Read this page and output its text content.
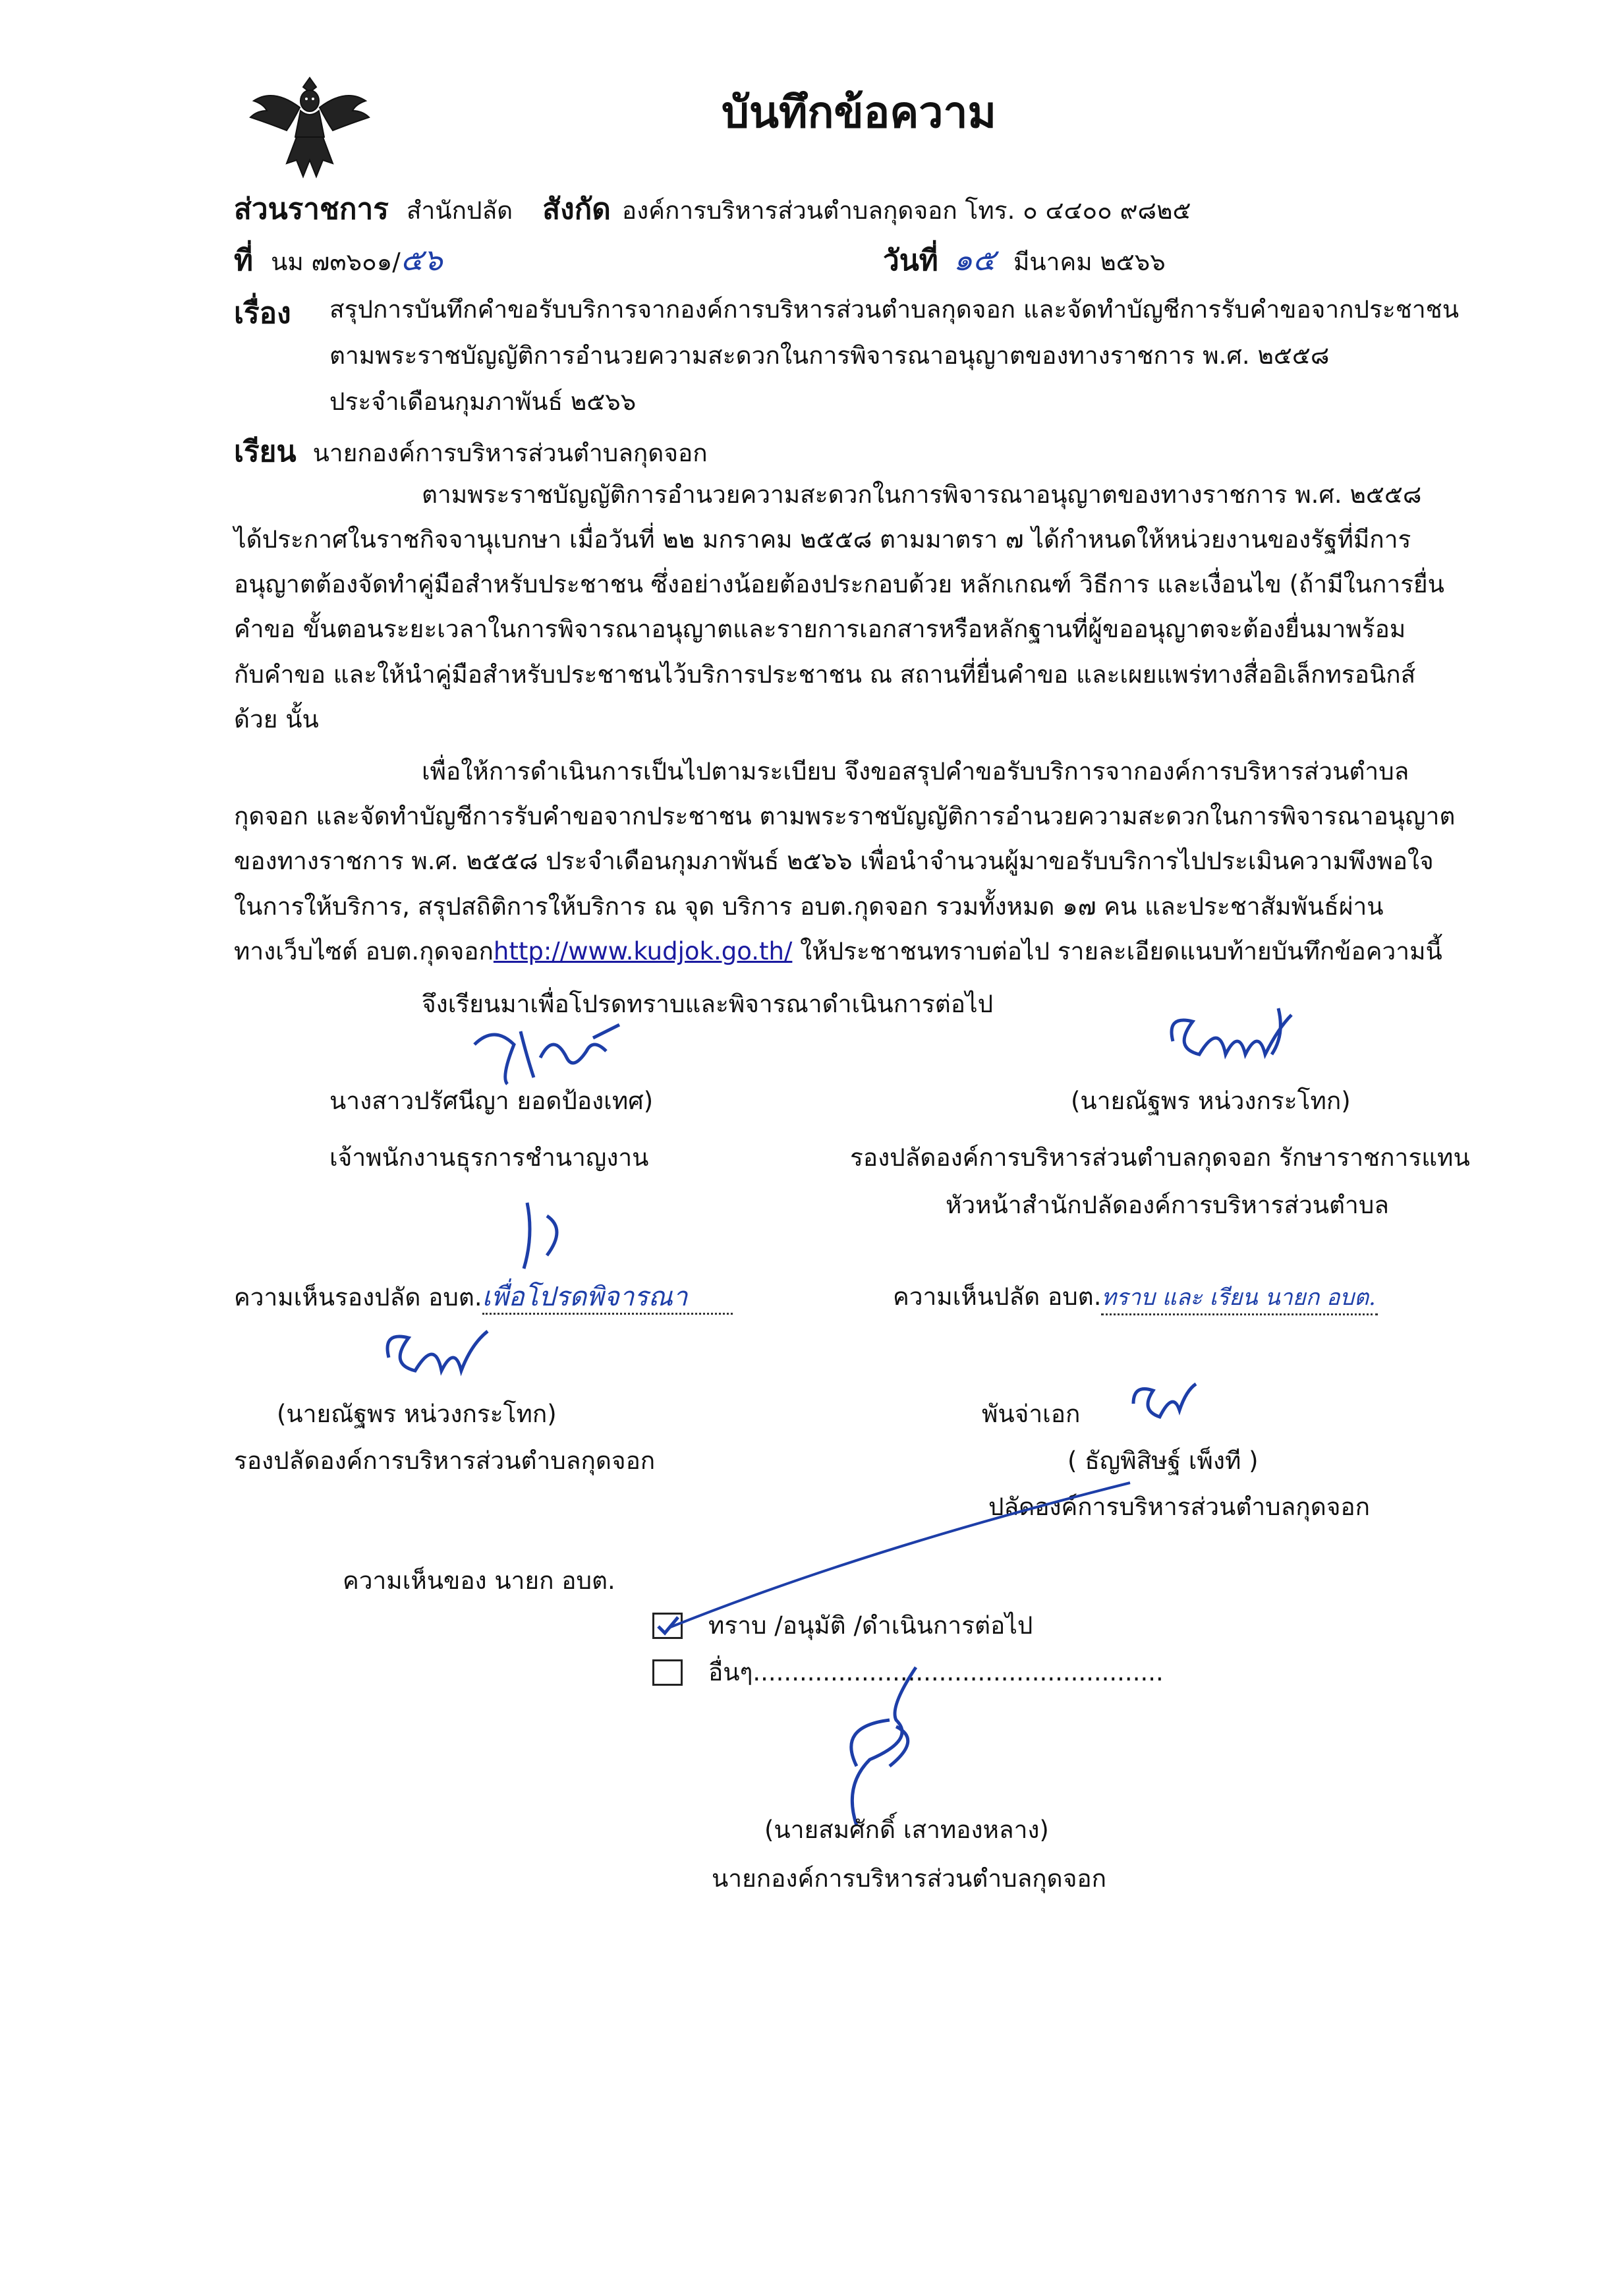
บันทึกข้อความ
ส่วนราชการ สำนักปลัด สังกัด องค์การบริหารส่วนตำบลกุดจอก โทร. ๐ ๔๔๐๐ ๙๘๒๕
ที่ นม ๗๓๖๐๑/๕๖	วันที่ ๑๕ มีนาคม ๒๕๖๖
เรื่อง สรุปการบันทึกคำขอรับบริการจากองค์การบริหารส่วนตำบลกุดจอก และจัดทำบัญชีการรับคำขอจากประชาชน
ตามพระราชบัญญัติการอำนวยความสะดวกในการพิจารณาอนุญาตของทางราชการ พ.ศ. ๒๕๕๘
ประจำเดือนกุมภาพันธ์ ๒๕๖๖
เรียน นายกองค์การบริหารส่วนตำบลกุดจอก
ตามพระราชบัญญัติการอำนวยความสะดวกในการพิจารณาอนุญาตของทางราชการ พ.ศ. ๒๕๕๘
ได้ประกาศในราชกิจจานุเบกษา เมื่อวันที่ ๒๒ มกราคม ๒๕๕๘ ตามมาตรา ๗ ได้กำหนดให้หน่วยงานของรัฐที่มีการ
อนุญาตต้องจัดทำคู่มือสำหรับประชาชน ซึ่งอย่างน้อยต้องประกอบด้วย หลักเกณฑ์ วิธีการ และเงื่อนไข (ถ้ามีในการยื่น
คำขอ ขั้นตอนระยะเวลาในการพิจารณาอนุญาตและรายการเอกสารหรือหลักฐานที่ผู้ขออนุญาตจะต้องยื่นมาพร้อม
กับคำขอ และให้นำคู่มือสำหรับประชาชนไว้บริการประชาชน ณ สถานที่ยื่นคำขอ และเผยแพร่ทางสื่ออิเล็กทรอนิกส์
ด้วย นั้น
เพื่อให้การดำเนินการเป็นไปตามระเบียบ จึงขอสรุปคำขอรับบริการจากองค์การบริหารส่วนตำบล
กุดจอก และจัดทำบัญชีการรับคำขอจากประชาชน ตามพระราชบัญญัติการอำนวยความสะดวกในการพิจารณาอนุญาต
ของทางราชการ พ.ศ. ๒๕๕๘ ประจำเดือนกุมภาพันธ์ ๒๕๖๖ เพื่อนำจำนวนผู้มาขอรับบริการไปประเมินความพึงพอใจ
ในการให้บริการ, สรุปสถิติการให้บริการ ณ จุด บริการ อบต.กุดจอก รวมทั้งหมด ๑๗ คน และประชาสัมพันธ์ผ่าน
ทางเว็บไซต์ อบต.กุดจอกhttp://www.kudjok.go.th/ ให้ประชาชนทราบต่อไป รายละเอียดแนบท้ายบันทึกข้อความนี้
จึงเรียนมาเพื่อโปรดทราบและพิจารณาดำเนินการต่อไป
นางสาวปรัศนีญา ยอดป้องเทศ)
เจ้าพนักงานธุรการชำนาญงาน
(นายณัฐพร หน่วงกระโทก)
รองปลัดองค์การบริหารส่วนตำบลกุดจอก รักษาราชการแทน
หัวหน้าสำนักปลัดองค์การบริหารส่วนตำบล
ความเห็นรองปลัด อบต.เพื่อโปรดพิจารณา
(นายณัฐพร หน่วงกระโทก)
รองปลัดองค์การบริหารส่วนตำบลกุดจอก
ความเห็นปลัด อบต.ทราบ และ เรียน นายก อบต.
พันจ่าเอก
( ธัญพิสิษฐ์ เพ็งที )
ปลัดองค์การบริหารส่วนตำบลกุดจอก
ความเห็นของ นายก อบต.
ทราบ /อนุมัติ /ดำเนินการต่อไป
อื่นๆ.....................................................
(นายสมศักดิ์ เสาทองหลาง)
นายกองค์การบริหารส่วนตำบลกุดจอก
